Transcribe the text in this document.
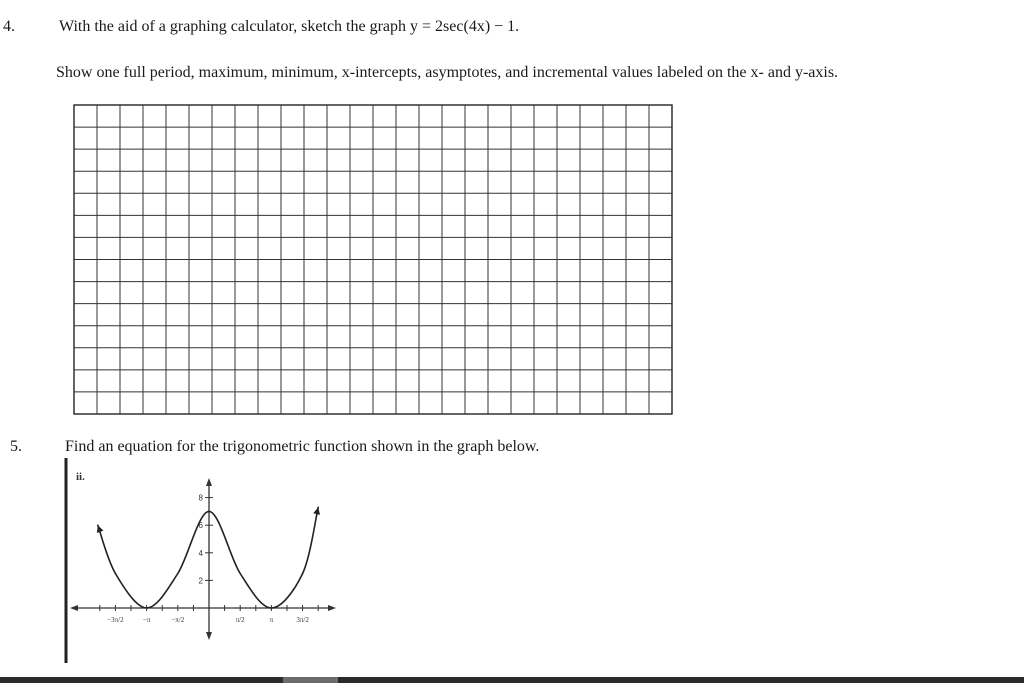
4.	With the aid of a graphing calculator, sketch the graph y = 2sec(4x) − 1.
Show one full period, maximum, minimum, x-intercepts, asymptotes, and incremental values labeled on the x- and y-axis.
5.	Find an equation for the trigonometric function shown in the graph below.
ii.
2
4
6
8
−3π/2	−π	−π/2	π/2	π	3π/2
